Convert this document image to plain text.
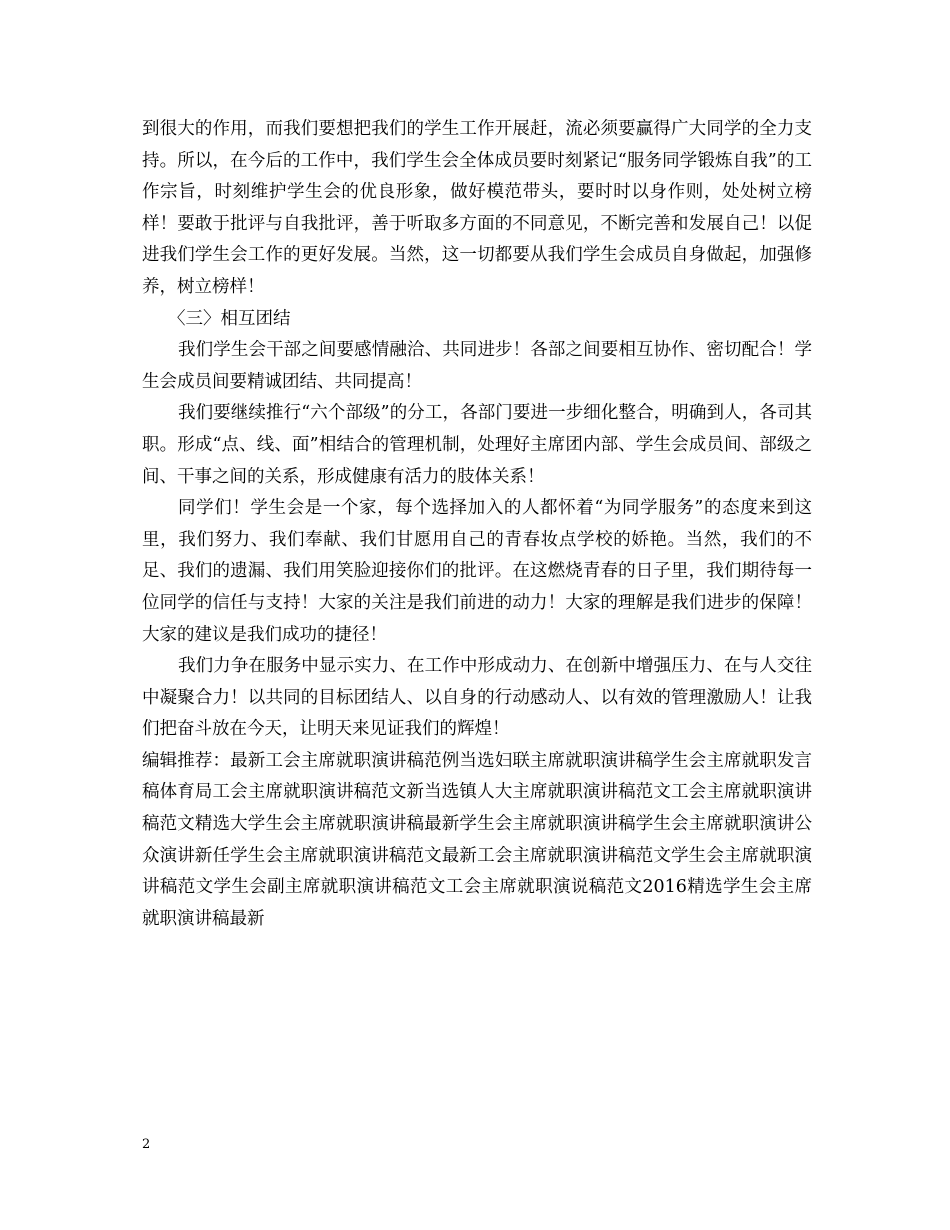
到很大的作用，而我们要想把我们的学生工作开展赶，流必须要赢得广大同学的全力支持。所以，在今后的工作中，我们学生会全体成员要时刻紧记“服务同学锻炼自我”的工作宗旨，时刻维护学生会的优良形象，做好模范带头，要时时以身作则，处处树立榜样！要敢于批评与自我批评，善于听取多方面的不同意见，不断完善和发展自己！以促进我们学生会工作的更好发展。当然，这一切都要从我们学生会成员自身做起，加强修养，树立榜样！

〈三〉相互团结

我们学生会干部之间要感情融洽、共同进步！各部之间要相互协作、密切配合！学生会成员间要精诚团结、共同提高！

我们要继续推行“六个部级”的分工，各部门要进一步细化整合，明确到人，各司其职。形成“点、线、面”相结合的管理机制，处理好主席团内部、学生会成员间、部级之间、干事之间的关系，形成健康有活力的肢体关系！

同学们！学生会是一个家，每个选择加入的人都怀着“为同学服务”的态度来到这里，我们努力、我们奉献、我们甘愿用自己的青春妆点学校的娇艳。当然，我们的不足、我们的遗漏、我们用笑脸迎接你们的批评。在这燃烧青春的日子里，我们期待每一位同学的信任与支持！大家的关注是我们前进的动力！大家的理解是我们进步的保障！大家的建议是我们成功的捷径！

我们力争在服务中显示实力、在工作中形成动力、在创新中增强压力、在与人交往中凝聚合力！以共同的目标团结人、以自身的行动感动人、以有效的管理激励人！让我们把奋斗放在今天，让明天来见证我们的辉煌！

编辑推荐：最新工会主席就职演讲稿范例当选妇联主席就职演讲稿学生会主席就职发言稿体育局工会主席就职演讲稿范文新当选镇人大主席就职演讲稿范文工会主席就职演讲稿范文精选大学生会主席就职演讲稿最新学生会主席就职演讲稿学生会主席就职演讲公众演讲新任学生会主席就职演讲稿范文最新工会主席就职演讲稿范文学生会主席就职演讲稿范文学生会副主席就职演讲稿范文工会主席就职演说稿范文2016精选学生会主席就职演讲稿最新

2
